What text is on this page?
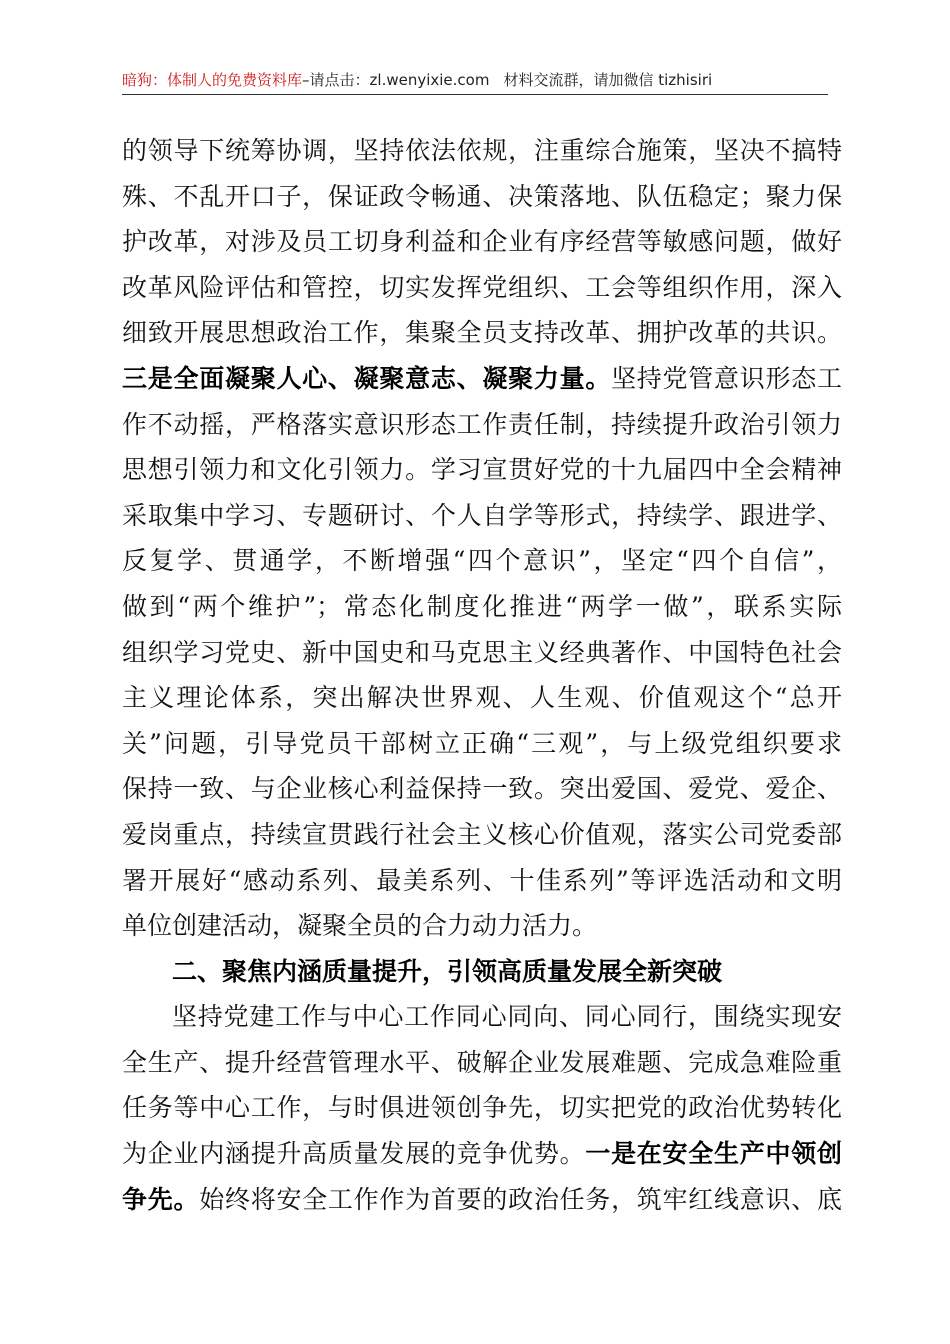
暗狗：体制人的免费资料库–请点击：zl.wenyixie.com 材料交流群，请加微信 tizhisiri
的领导下统筹协调，坚持依法依规，注重综合施策，坚决不搞特
殊、不乱开口子，保证政令畅通、决策落地、队伍稳定；聚力保
护改革，对涉及员工切身利益和企业有序经营等敏感问题，做好
改革风险评估和管控，切实发挥党组织、工会等组织作用，深入
细致开展思想政治工作，集聚全员支持改革、拥护改革的共识。
三是全面凝聚人心、凝聚意志、凝聚力量。坚持党管意识形态工
作不动摇，严格落实意识形态工作责任制，持续提升政治引领力
思想引领力和文化引领力。学习宣贯好党的十九届四中全会精神
采取集中学习、专题研讨、个人自学等形式，持续学、跟进学、
反复学、贯通学，不断增强“四个意识”，坚定“四个自信”，
做到“两个维护”；常态化制度化推进“两学一做”，联系实际
组织学习党史、新中国史和马克思主义经典著作、中国特色社会
主义理论体系，突出解决世界观、人生观、价值观这个“总开
关”问题，引导党员干部树立正确“三观”，与上级党组织要求
保持一致、与企业核心利益保持一致。突出爱国、爱党、爱企、
爱岗重点，持续宣贯践行社会主义核心价值观，落实公司党委部
署开展好“感动系列、最美系列、十佳系列”等评选活动和文明
单位创建活动，凝聚全员的合力动力活力。
二、聚焦内涵质量提升，引领高质量发展全新突破
坚持党建工作与中心工作同心同向、同心同行，围绕实现安
全生产、提升经营管理水平、破解企业发展难题、完成急难险重
任务等中心工作，与时俱进领创争先，切实把党的政治优势转化
为企业内涵提升高质量发展的竞争优势。一是在安全生产中领创
争先。始终将安全工作作为首要的政治任务，筑牢红线意识、底
